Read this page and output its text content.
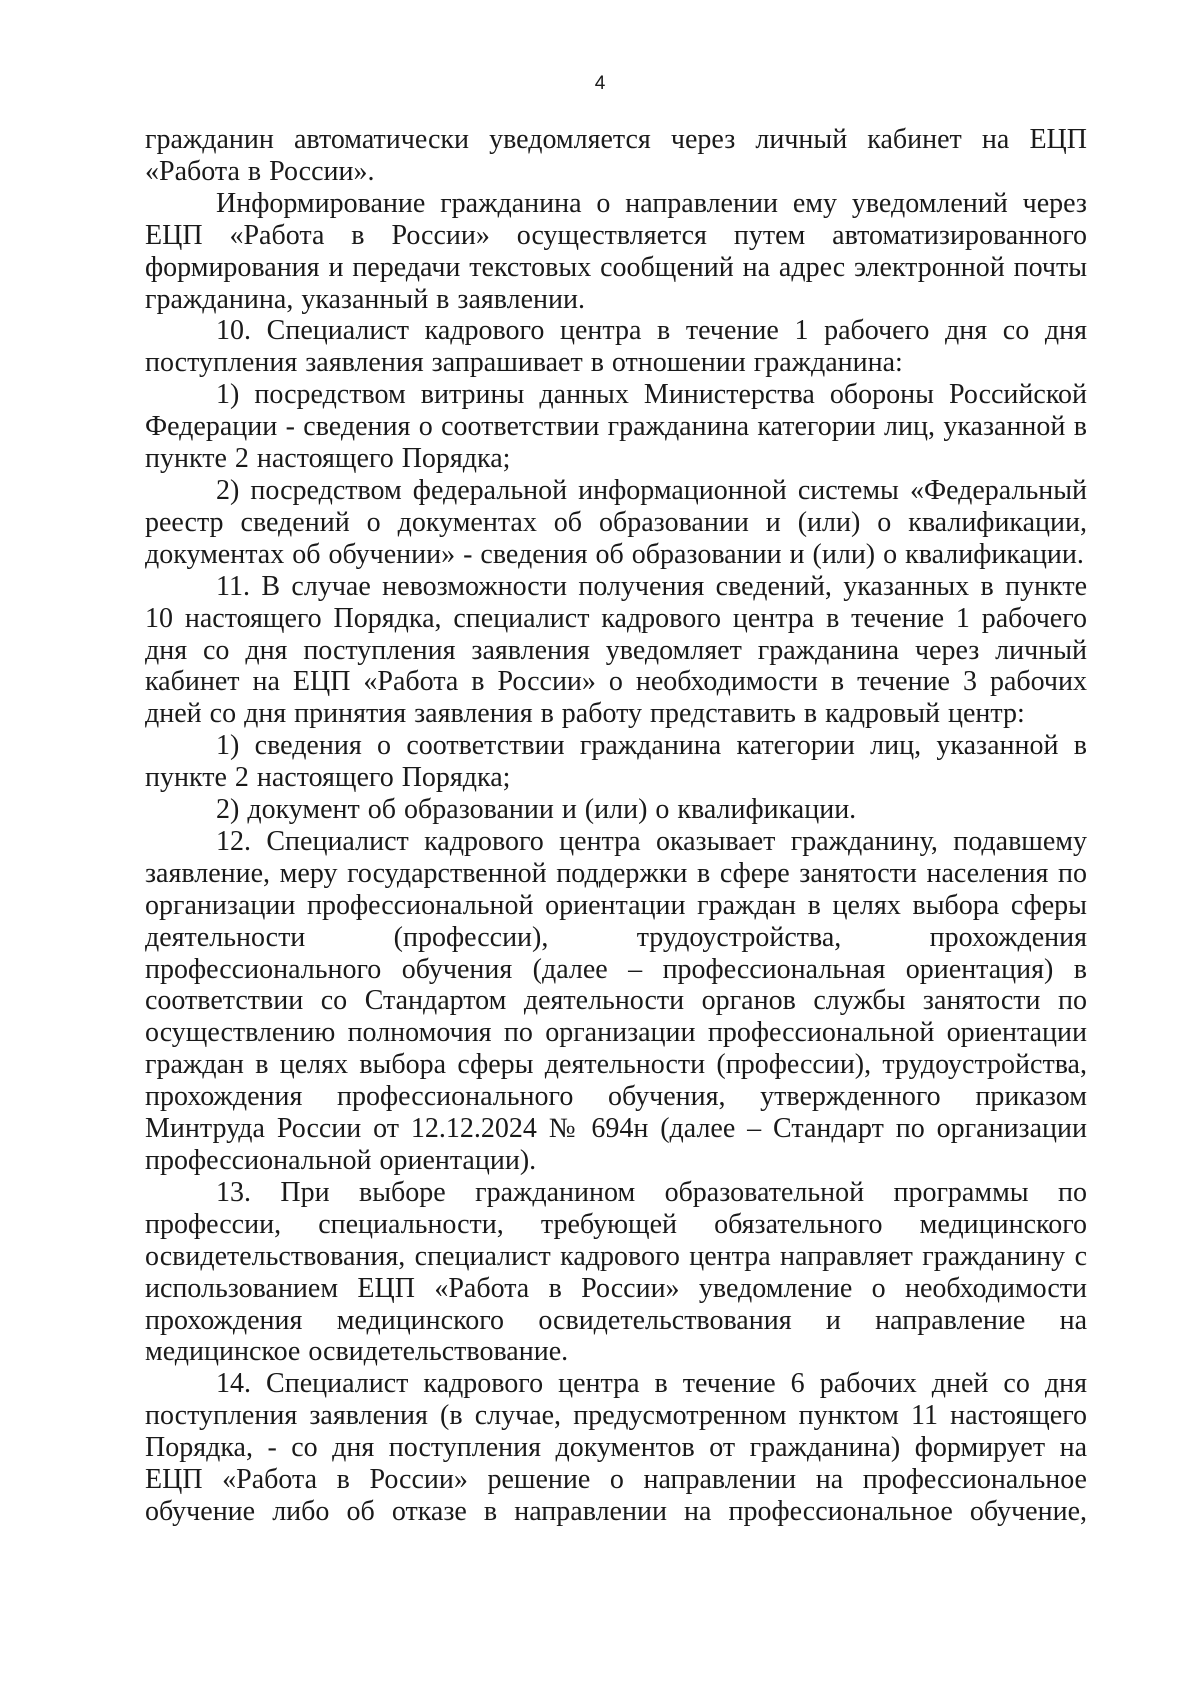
4

гражданин автоматически уведомляется через личный кабинет на ЕЦП «Работа в России».

Информирование гражданина о направлении ему уведомлений через ЕЦП «Работа в России» осуществляется путем автоматизированного формирования и передачи текстовых сообщений на адрес электронной почты гражданина, указанный в заявлении.

10. Специалист кадрового центра в течение 1 рабочего дня со дня поступления заявления запрашивает в отношении гражданина:

1) посредством витрины данных Министерства обороны Российской Федерации - сведения о соответствии гражданина категории лиц, указанной в пункте 2 настоящего Порядка;

2) посредством федеральной информационной системы «Федеральный реестр сведений о документах об образовании и (или) о квалификации, документах об обучении» - сведения об образовании и (или) о квалификации.

11. В случае невозможности получения сведений, указанных в пункте 10 настоящего Порядка, специалист кадрового центра в течение 1 рабочего дня со дня поступления заявления уведомляет гражданина через личный кабинет на ЕЦП «Работа в России» о необходимости в течение 3 рабочих дней со дня принятия заявления в работу представить в кадровый центр:

1) сведения о соответствии гражданина категории лиц, указанной в пункте 2 настоящего Порядка;

2) документ об образовании и (или) о квалификации.

12. Специалист кадрового центра оказывает гражданину, подавшему заявление, меру государственной поддержки в сфере занятости населения по организации профессиональной ориентации граждан в целях выбора сферы деятельности (профессии), трудоустройства, прохождения профессионального обучения (далее – профессиональная ориентация) в соответствии со Стандартом деятельности органов службы занятости по осуществлению полномочия по организации профессиональной ориентации граждан в целях выбора сферы деятельности (профессии), трудоустройства, прохождения профессионального обучения, утвержденного приказом Минтруда России от 12.12.2024 № 694н (далее – Стандарт по организации профессиональной ориентации).

13. При выборе гражданином образовательной программы по профессии, специальности, требующей обязательного медицинского освидетельствования, специалист кадрового центра направляет гражданину с использованием ЕЦП «Работа в России» уведомление о необходимости прохождения медицинского освидетельствования и направление на медицинское освидетельствование.

14. Специалист кадрового центра в течение 6 рабочих дней со дня поступления заявления (в случае, предусмотренном пунктом 11 настоящего Порядка, - со дня поступления документов от гражданина) формирует на ЕЦП «Работа в России» решение о направлении на профессиональное обучение либо об отказе в направлении на профессиональное обучение,
